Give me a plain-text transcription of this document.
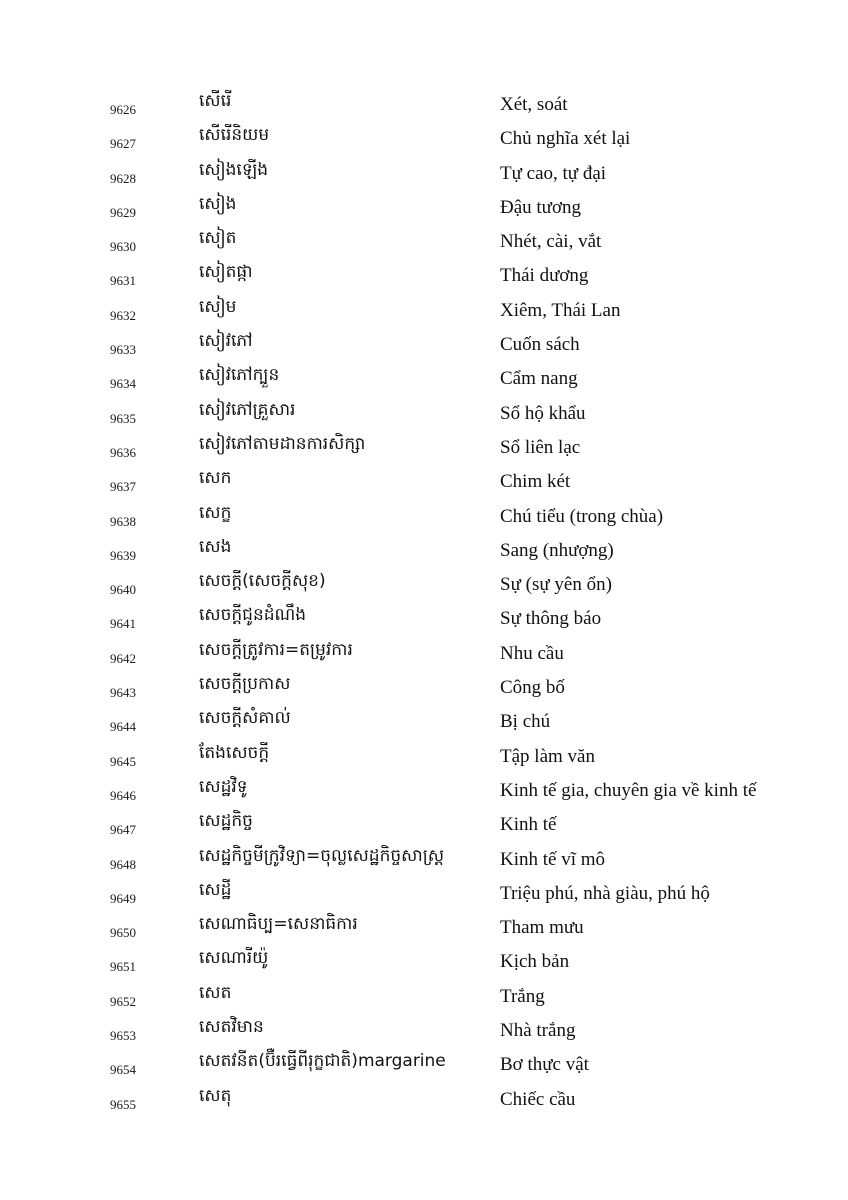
9626	សើរើ	Xét, soát
9627	សើរើនិយម	Chủ nghĩa xét lại
9628	សៀងឡើង	Tự cao, tự đại
9629	សៀង	Đậu tương
9630	សៀត	Nhét, cài, vắt
9631	សៀតផ្កា	Thái dương
9632	សៀម	Xiêm, Thái Lan
9633	សៀវភៅ	Cuốn sách
9634	សៀវភៅក្បួន	Cẩm nang
9635	សៀវភៅគ្រួសារ	Sổ hộ khẩu
9636	សៀវភៅតាមដានការសិក្សា	Sổ liên lạc
9637	សេក	Chim két
9638	សេក្ខ	Chú tiểu (trong chùa)
9639	សេង	Sang (nhượng)
9640	សេចក្តី(សេចក្តីសុខ)	Sự (sự yên ổn)
9641	សេចក្តីជូនដំណឹង	Sự thông báo
9642	សេចក្តីត្រូវការ=តម្រូវការ	Nhu cầu
9643	សេចក្តីប្រកាស	Công bố
9644	សេចក្តីសំគាល់	Bị chú
9645	តែងសេចក្តី	Tập làm văn
9646	សេដ្ឋវិទូ	Kinh tế gia, chuyên gia về kinh tế
9647	សេដ្ឋកិច្ច	Kinh tế
9648	សេដ្ឋកិច្ចមីក្រូវិទ្យា=ចុល្លសេដ្ឋកិច្ចសាស្ត្រ	Kinh tế vĩ mô
9649	សេដ្ឋី	Triệu phú, nhà giàu, phú hộ
9650	សេណាធិប្ប=សេនាធិការ	Tham mưu
9651	សេណារីយ៉ូ	Kịch bản
9652	សេត	Trắng
9653	សេតវិមាន	Nhà trắng
9654	សេតវនីត(ប៊ឺរធ្វើពីរុក្ខជាតិ)margarine	Bơ thực vật
9655	សេតុ	Chiếc cầu
